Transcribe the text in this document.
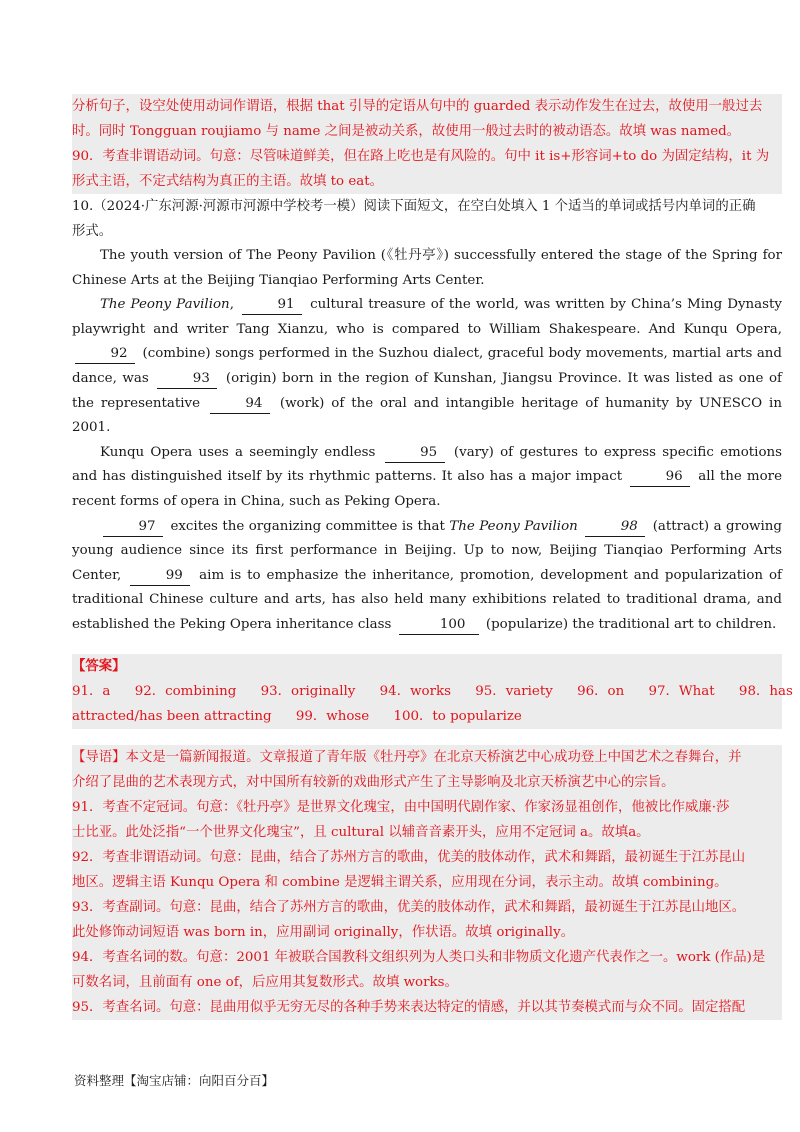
分析句子，设空处使用动词作谓语，根据 that 引导的定语从句中的 guarded 表示动作发生在过去，故使用一般过去
时。同时 Tongguan roujiamo 与 name 之间是被动关系，故使用一般过去时的被动语态。故填 was named。
90．考查非谓语动词。句意：尽管味道鲜美，但在路上吃也是有风险的。句中 it is+形容词+to do 为固定结构，it 为
形式主语，不定式结构为真正的主语。故填 to eat。
10.（2024·广东河源·河源市河源中学校考一模）阅读下面短文，在空白处填入 1 个适当的单词或括号内单词的正确
形式。
The youth version of The Peony Pavilion (《牡丹亭》) successfully entered the stage of the Spring for Chinese Arts at the Beijing Tianqiao Performing Arts Center.
The Peony Pavilion,	91 cultural treasure of the world, was written by China’s Ming Dynasty playwright and writer Tang Xianzu, who is compared to William Shakespeare. And Kunqu Opera, 92 (combine) songs performed in the Suzhou dialect, graceful body movements, martial arts and dance, was	93 (origin) born in the region of Kunshan, Jiangsu Province. It was listed as one of the representative	94 (work) of the oral and intangible heritage of humanity by UNESCO in 2001.
Kunqu Opera uses a seemingly endless	95 (vary) of gestures to express specific emotions and has distinguished itself by its rhythmic patterns. It also has a major impact	96 all the more recent forms of opera in China, such as Peking Opera.
97 excites the organizing committee is that The Peony Pavilion	98 (attract) a growing young audience since its first performance in Beijing. Up to now, Beijing Tianqiao Performing Arts Center,	99 aim is to emphasize the inheritance, promotion, development and popularization of traditional Chinese culture and arts, has also held many exhibitions related to traditional drama, and established the Peking Opera inheritance class	100 (popularize) the traditional art to children.
【答案】
91．a 92．combining 93．originally 94．works 95．variety 96．on 97．What 98．has
attracted/has been attracting 99．whose 100．to popularize
【导语】本文是一篇新闻报道。文章报道了青年版《牡丹亭》在北京天桥演艺中心成功登上中国艺术之春舞台，并
介绍了昆曲的艺术表现方式，对中国所有较新的戏曲形式产生了主导影响及北京天桥演艺中心的宗旨。
91．考查不定冠词。句意：《牡丹亭》是世界文化瑰宝，由中国明代剧作家、作家汤显祖创作，他被比作威廉·莎
士比亚。此处泛指“一个世界文化瑰宝”，且 cultural 以辅音音素开头，应用不定冠词 a。故填a。
92．考查非谓语动词。句意：昆曲，结合了苏州方言的歌曲，优美的肢体动作，武术和舞蹈，最初诞生于江苏昆山
地区。逻辑主语 Kunqu Opera 和 combine 是逻辑主谓关系，应用现在分词，表示主动。故填 combining。
93．考查副词。句意：昆曲，结合了苏州方言的歌曲，优美的肢体动作，武术和舞蹈，最初诞生于江苏昆山地区。
此处修饰动词短语 was born in，应用副词 originally，作状语。故填 originally。
94．考查名词的数。句意：2001 年被联合国教科文组织列为人类口头和非物质文化遗产代表作之一。work (作品)是
可数名词，且前面有 one of，后应用其复数形式。故填 works。
95．考查名词。句意：昆曲用似乎无穷无尽的各种手势来表达特定的情感，并以其节奏模式而与众不同。固定搭配
资料整理【淘宝店铺：向阳百分百】
